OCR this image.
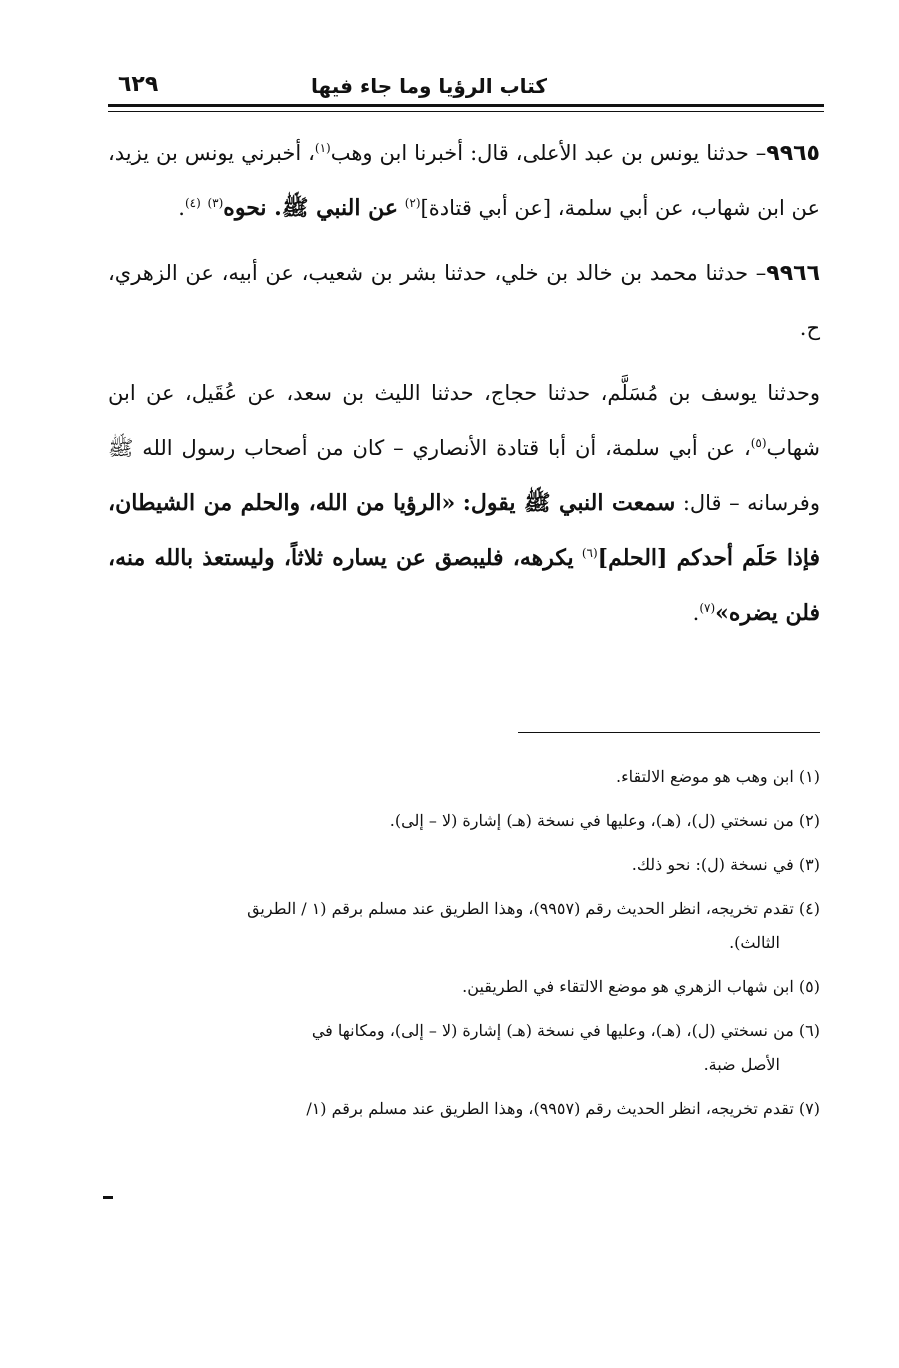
كتاب الرؤيا وما جاء فيها
٦٢٩

٩٩٦٥– حدثنا يونس بن عبد الأعلى، قال: أخبرنا ابن وهب$^{(١)}$، أخبرني يونس بن يزيد، عن ابن شهاب، عن أبي سلمة، [عن أبي قتادة]$^{(٢)}$ عن النبي ﷺ. نحوه$^{(٣)}$ $^{(٤)}$.

٩٩٦٦– حدثنا محمد بن خالد بن خلي، حدثنا بشر بن شعيب، عن أبيه، عن الزهري، ح.

وحدثنا يوسف بن مُسَلَّم، حدثنا حجاج، حدثنا الليث بن سعد، عن عُقَيل، عن ابن شهاب$^{(٥)}$، عن أبي سلمة، أن أبا قتادة الأنصاري – كان من أصحاب رسول الله ﷺ وفرسانه – قال: سمعت النبي ﷺ يقول: «الرؤيا من الله، والحلم من الشيطان، فإذا حَلَم أحدكم [الحلم]$^{(٦)}$ يكرهه، فليبصق عن يساره ثلاثاً، وليستعذ بالله منه، فلن يضره»$^{(٧)}$.

(١) ابن وهب هو موضع الالتقاء.
(٢) من نسختي (ل)، (هـ)، وعليها في نسخة (هـ) إشارة (لا – إلى).
(٣) في نسخة (ل): نحو ذلك.
(٤) تقدم تخريجه، انظر الحديث رقم (٩٩٥٧)، وهذا الطريق عند مسلم برقم (١ / الطريق
الثالث).
(٥) ابن شهاب الزهري هو موضع الالتقاء في الطريقين.
(٦) من نسختي (ل)، (هـ)، وعليها في نسخة (هـ) إشارة (لا – إلى)، ومكانها في
الأصل ضبة.
(٧) تقدم تخريجه، انظر الحديث رقم (٩٩٥٧)، وهذا الطريق عند مسلم برقم (١/
